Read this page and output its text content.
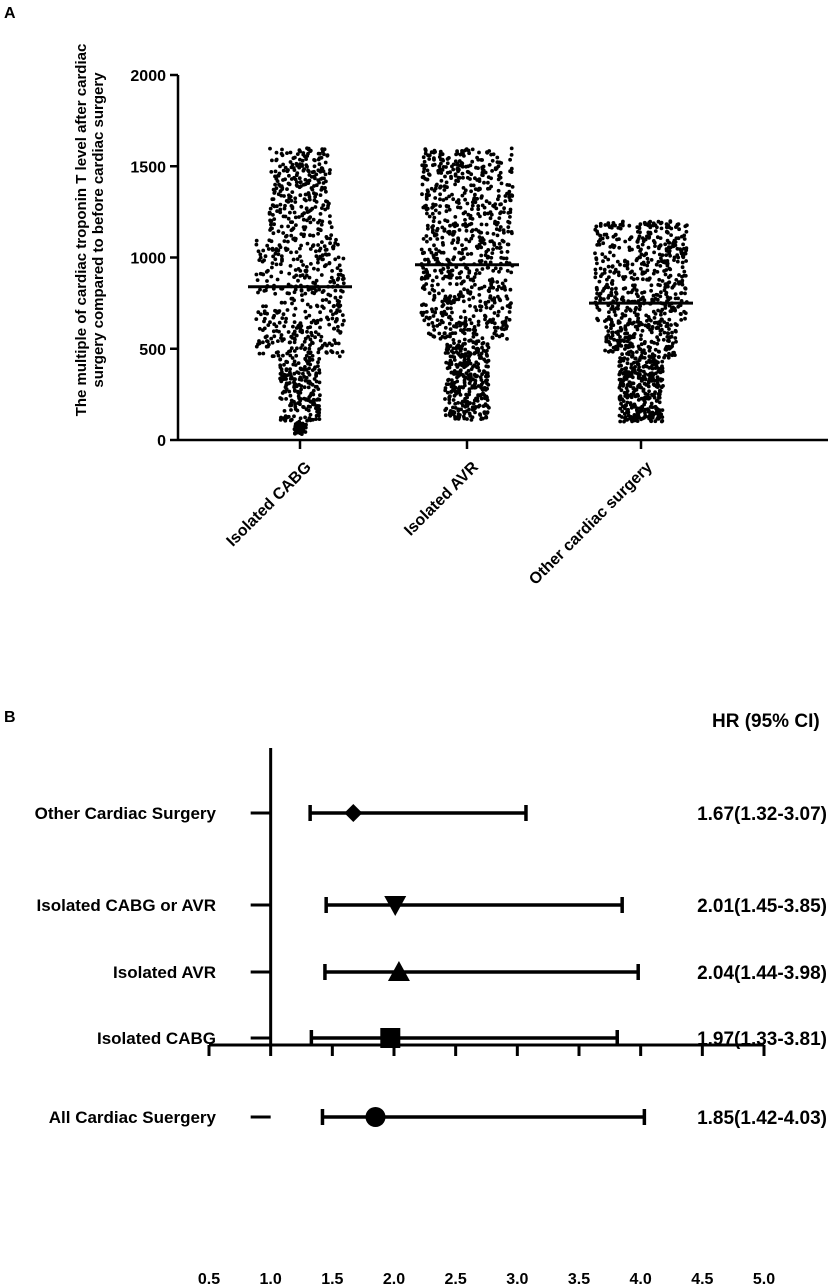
A
The multiple of cardiac troponin T level after cardiacsurgery compared to before cardiac surgery
0
500
1000
1500
2000
Isolated CABG	Isolated AVR	Other cardiac surgery
B	HR (95% CI)
Other Cardiac Surgery	1.67(1.32-3.07)
Isolated CABG or AVR	2.01(1.45-3.85)
Isolated AVR	2.04(1.44-3.98)
Isolated CABG	1.97(1.33-3.81)
All Cardiac Suergery	1.85(1.42-4.03)
0.5 1.0 1.5 2.0 2.5 3.0 3.5 4.0 4.5 5.0
